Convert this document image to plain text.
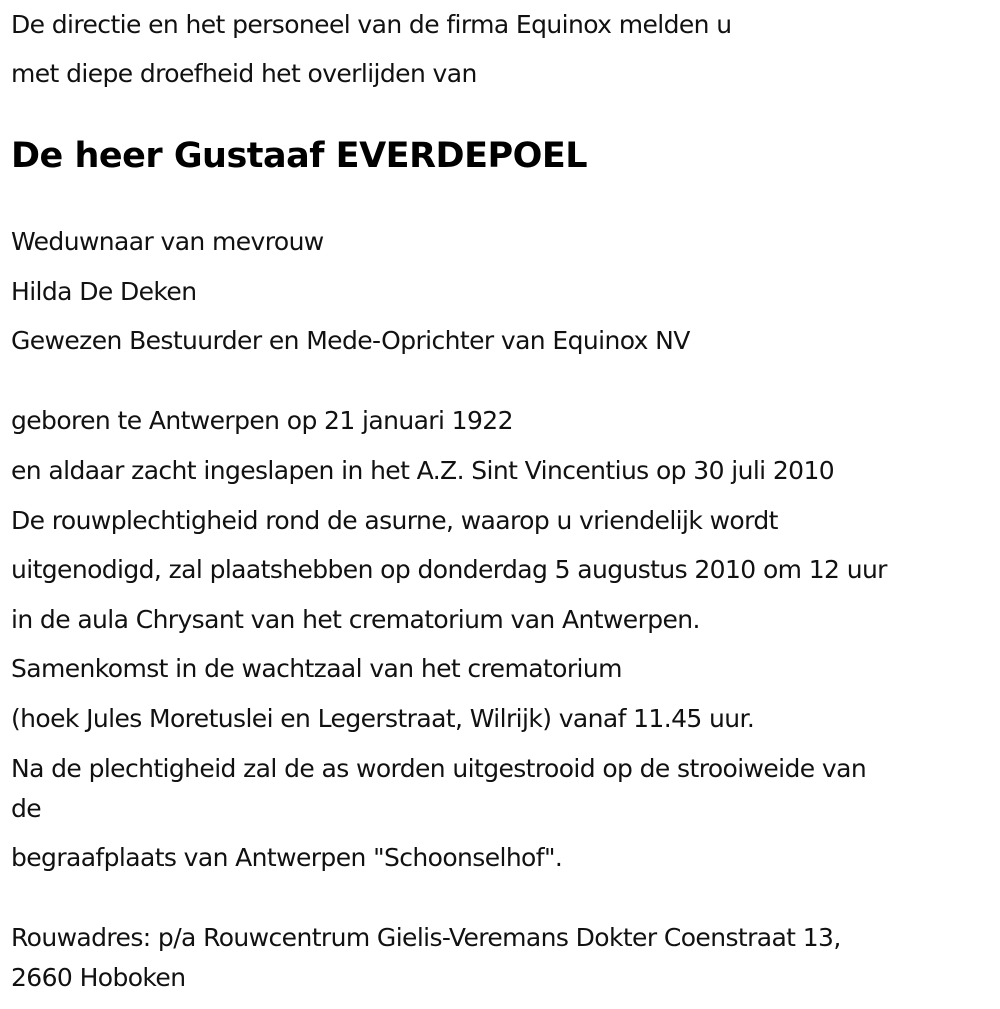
De directie en het personeel van de firma Equinox melden u
met diepe droefheid het overlijden van
De heer Gustaaf EVERDEPOEL
Weduwnaar van mevrouw
Hilda De Deken
Gewezen Bestuurder en Mede-Oprichter van Equinox NV
geboren te Antwerpen op 21 januari 1922
en aldaar zacht ingeslapen in het A.Z. Sint Vincentius op 30 juli 2010
De rouwplechtigheid rond de asurne, waarop u vriendelijk wordt
uitgenodigd, zal plaatshebben op donderdag 5 augustus 2010 om 12 uur
in de aula Chrysant van het crematorium van Antwerpen.
Samenkomst in de wachtzaal van het crematorium
(hoek Jules Moretuslei en Legerstraat, Wilrijk) vanaf 11.45 uur.
Na de plechtigheid zal de as worden uitgestrooid op de strooiweide van
de
begraafplaats van Antwerpen "Schoonselhof".
Rouwadres: p/a Rouwcentrum Gielis-Veremans Dokter Coenstraat 13,
2660 Hoboken
